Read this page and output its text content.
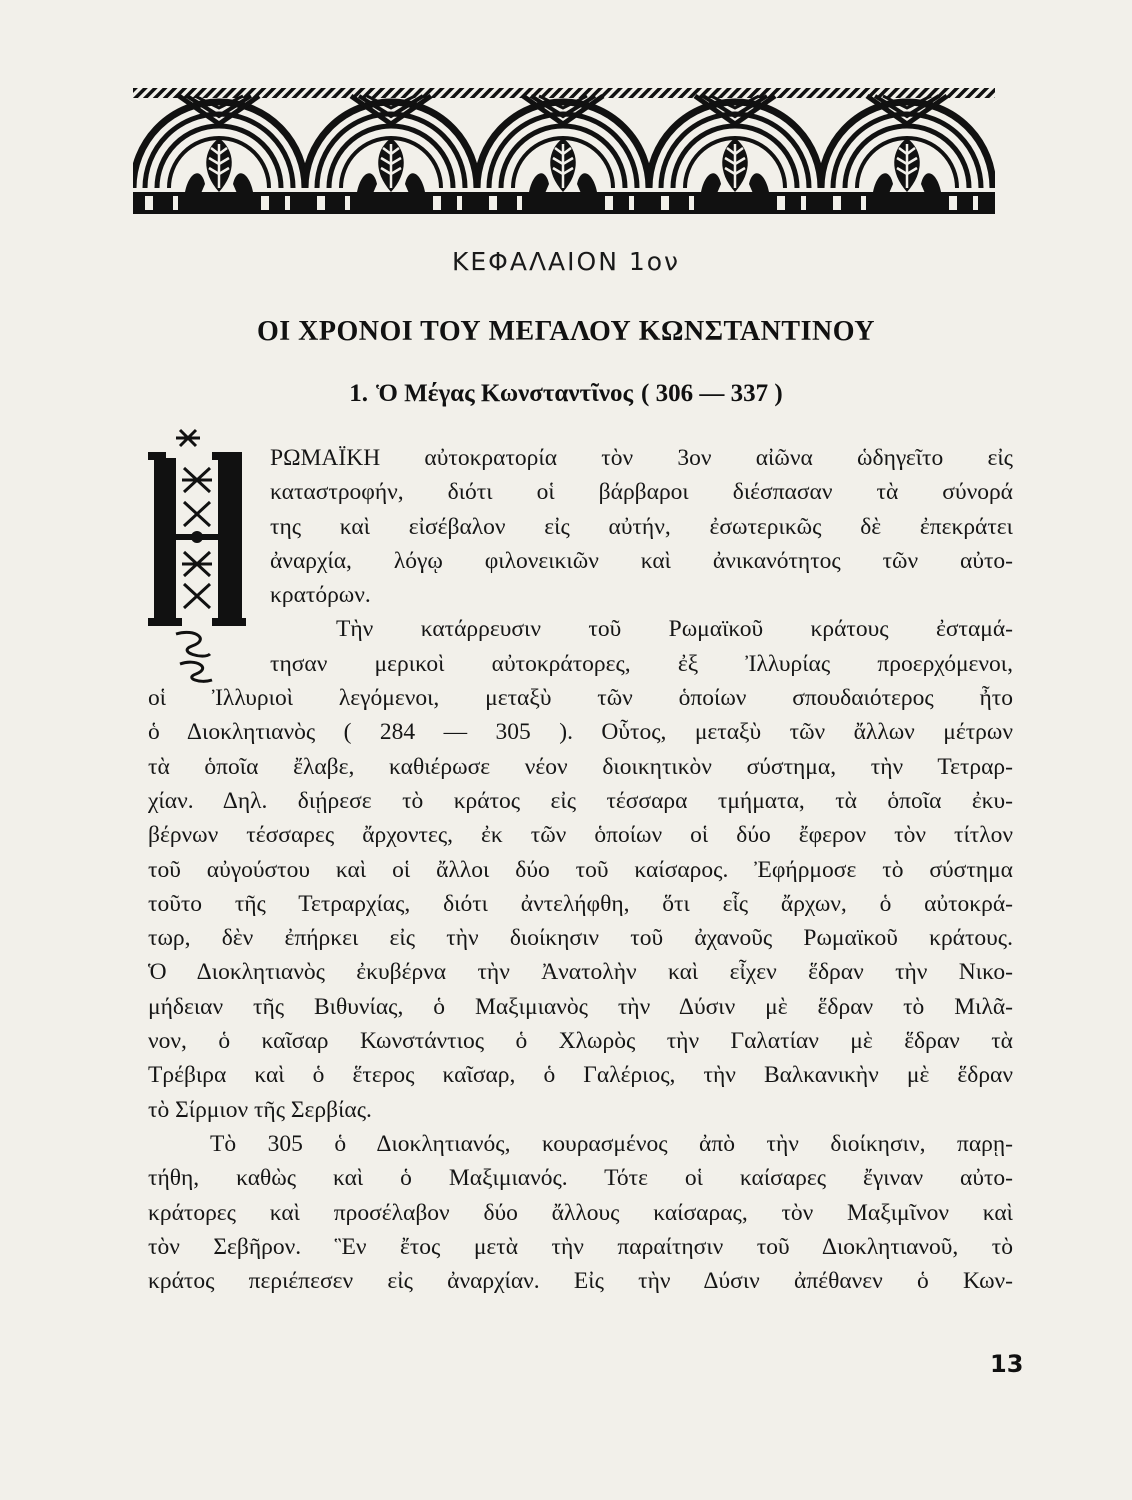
ΚΕΦΑΛΑΙΟΝ 1ον
ΟΙ ΧΡΟΝΟΙ ΤΟΥ ΜΕΓΑΛΟΥ ΚΩΝΣΤΑΝΤΙΝΟΥ
1. Ὁ Μέγας Κωνσταντῖνος ( 306 — 337 )
ΡΩΜΑΪΚΗ αὐτοκρατορία τὸν 3ον αἰῶνα ὡδηγεῖτο εἰς
καταστροφήν, διότι οἱ βάρβαροι διέσπασαν τὰ σύνορά
της καὶ εἰσέβαλον εἰς αὐτήν, ἐσωτερικῶς δὲ ἐπεκράτει
ἀναρχία, λόγῳ φιλονεικιῶν καὶ ἀνικανότητος τῶν αὐτο-
κρατόρων.
Τὴν κατάρρευσιν τοῦ Ρωμαϊκοῦ κράτους ἐσταμά-
τησαν μερικοὶ αὐτοκράτορες, ἐξ Ἰλλυρίας προερχόμενοι,
οἱ Ἰλλυριοὶ λεγόμενοι, μεταξὺ τῶν ὁποίων σπουδαιότερος ἦτο
ὁ Διοκλητιανὸς ( 284 — 305 ). Οὗτος, μεταξὺ τῶν ἄλλων μέτρων
τὰ ὁποῖα ἔλαβε, καθιέρωσε νέον διοικητικὸν σύστημα, τὴν Τετραρ-
χίαν. Δηλ. διῄρεσε τὸ κράτος εἰς τέσσαρα τμήματα, τὰ ὁποῖα ἐκυ-
βέρνων τέσσαρες ἄρχοντες, ἐκ τῶν ὁποίων οἱ δύο ἔφερον τὸν τίτλον
τοῦ αὐγούστου καὶ οἱ ἄλλοι δύο τοῦ καίσαρος. Ἐφήρμοσε τὸ σύστημα
τοῦτο τῆς Τετραρχίας, διότι ἀντελήφθη, ὅτι εἷς ἄρχων, ὁ αὐτοκρά-
τωρ, δὲν ἐπήρκει εἰς τὴν διοίκησιν τοῦ ἀχανοῦς Ρωμαϊκοῦ κράτους.
Ὁ Διοκλητιανὸς ἐκυβέρνα τὴν Ἀνατολὴν καὶ εἶχεν ἕδραν τὴν Νικο-
μήδειαν τῆς Βιθυνίας, ὁ Μαξιμιανὸς τὴν Δύσιν μὲ ἕδραν τὸ Μιλᾶ-
νον, ὁ καῖσαρ Κωνστάντιος ὁ Χλωρὸς τὴν Γαλατίαν μὲ ἕδραν τὰ
Τρέβιρα καὶ ὁ ἕτερος καῖσαρ, ὁ Γαλέριος, τὴν Βαλκανικὴν μὲ ἕδραν
τὸ Σίρμιον τῆς Σερβίας.
Τὸ 305 ὁ Διοκλητιανός, κουρασμένος ἀπὸ τὴν διοίκησιν, παρῃ-
τήθη, καθὼς καὶ ὁ Μαξιμιανός. Τότε οἱ καίσαρες ἔγιναν αὐτο-
κράτορες καὶ προσέλαβον δύο ἄλλους καίσαρας, τὸν Μαξιμῖνον καὶ
τὸν Σεβῆρον. Ἓν ἔτος μετὰ τὴν παραίτησιν τοῦ Διοκλητιανοῦ, τὸ
κράτος περιέπεσεν εἰς ἀναρχίαν. Εἰς τὴν Δύσιν ἀπέθανεν ὁ Κων-
13
